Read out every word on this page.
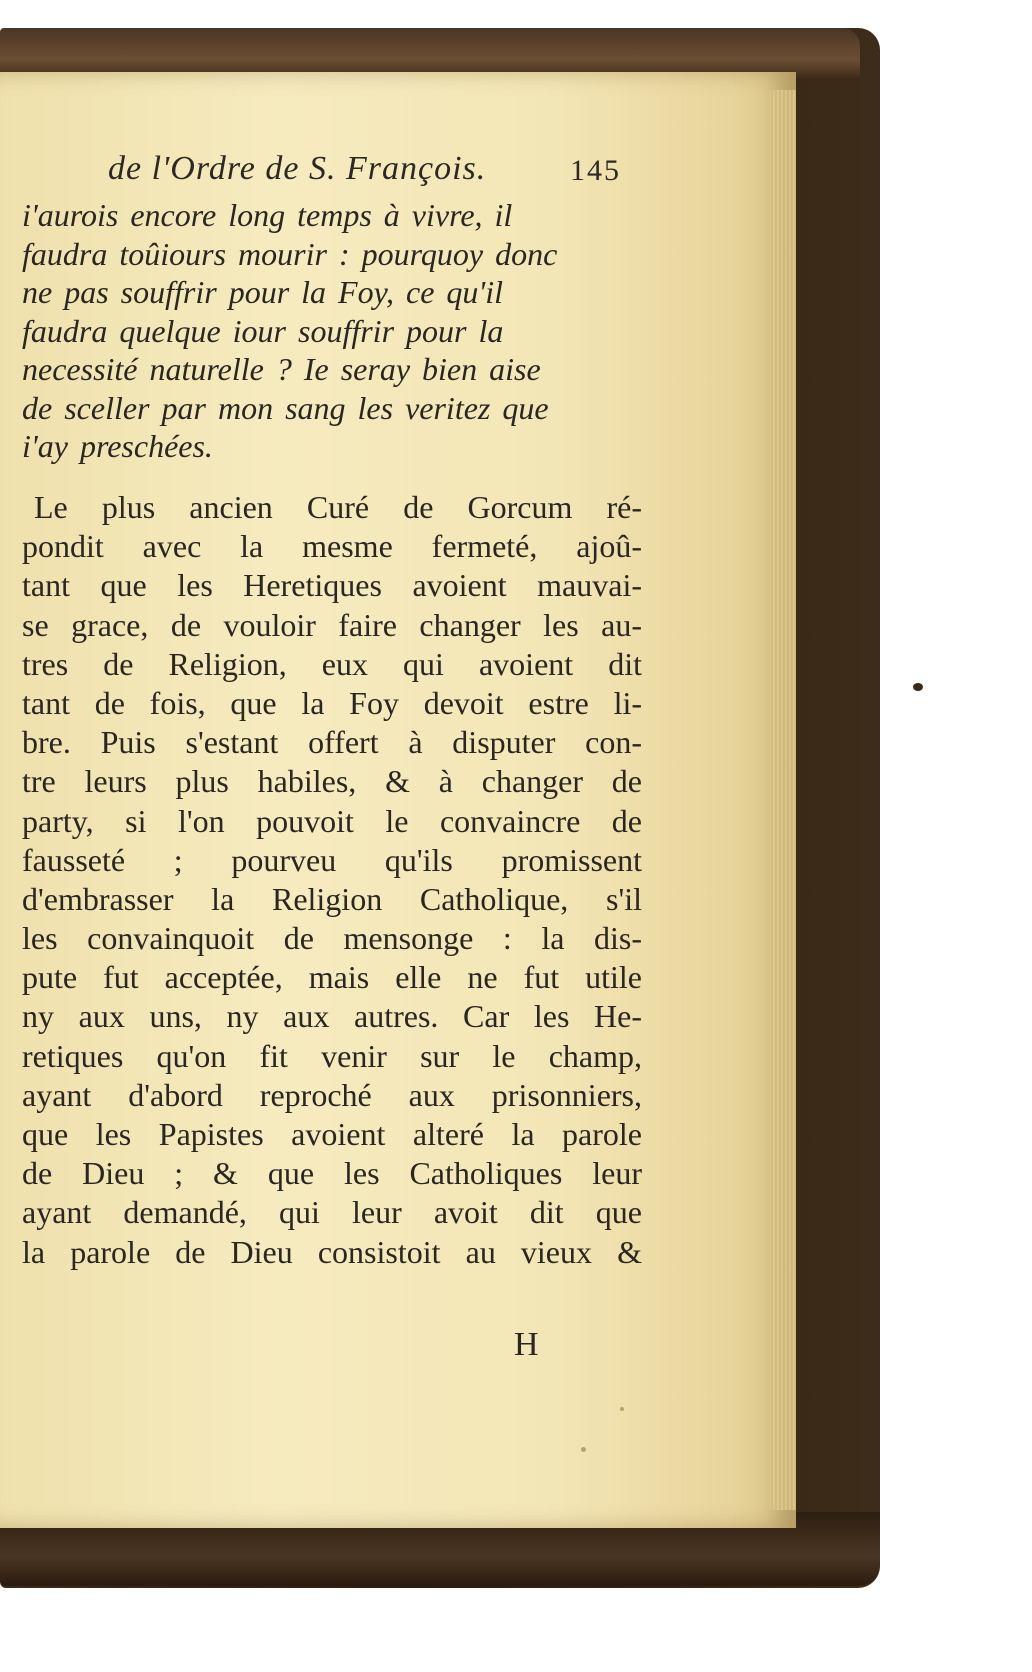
de l'Ordre de S. François.	145
i'aurois encore long temps à vivre, il
faudra toûiours mourir : pourquoy donc
ne pas souffrir pour la Foy, ce qu'il
faudra quelque iour souffrir pour la
necessité naturelle ? Ie seray bien aise
de sceller par mon sang les veritez que
i'ay preschées.
Le plus ancien Curé de Gorcum ré-
pondit avec la mesme fermeté, ajoû-
tant que les Heretiques avoient mauvai-
se grace, de vouloir faire changer les au-
tres de Religion, eux qui avoient dit
tant de fois, que la Foy devoit estre li-
bre. Puis s'estant offert à disputer con-
tre leurs plus habiles, & à changer de
party, si l'on pouvoit le convaincre de
fausseté ; pourveu qu'ils promissent
d'embrasser la Religion Catholique, s'il
les convainquoit de mensonge : la dis-
pute fut acceptée, mais elle ne fut utile
ny aux uns, ny aux autres. Car les He-
retiques qu'on fit venir sur le champ,
ayant d'abord reproché aux prisonniers,
que les Papistes avoient alteré la parole
de Dieu ; & que les Catholiques leur
ayant demandé, qui leur avoit dit que
la parole de Dieu consistoit au vieux &
H
